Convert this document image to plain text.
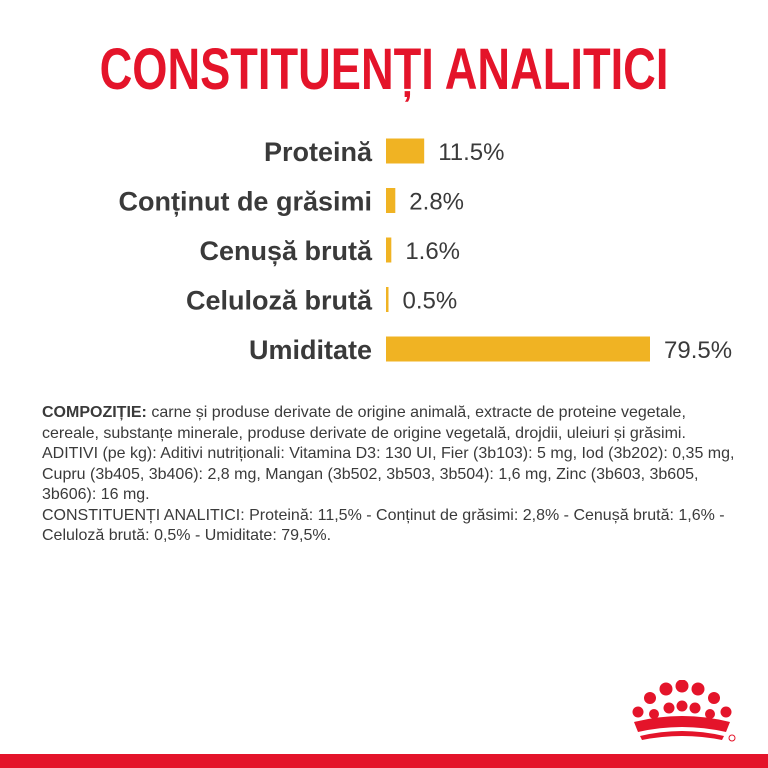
CONSTITUENȚI ANALITICI
Proteină	11.5%
Conținut de grăsimi 2.8%
Cenușă brută 1.6%
Celuloză brută 0.5%
Umiditate	79.5%
COMPOZIȚIE: carne și produse derivate de origine animală, extracte de proteine vegetale, cereale, substanțe minerale, produse derivate de origine vegetală, drojdii, uleiuri și grăsimi.
ADITIVI (pe kg): Aditivi nutriționali: Vitamina D3: 130 UI, Fier (3b103): 5 mg, Iod (3b202): 0,35 mg, Cupru (3b405, 3b406): 2,8 mg, Mangan (3b502, 3b503, 3b504): 1,6 mg, Zinc (3b603, 3b605, 3b606): 16 mg.
CONSTITUENȚI ANALITICI: Proteină: 11,5% - Conținut de grăsimi: 2,8% - Cenușă brută: 1,6% - Celuloză brută: 0,5% - Umiditate: 79,5%.
